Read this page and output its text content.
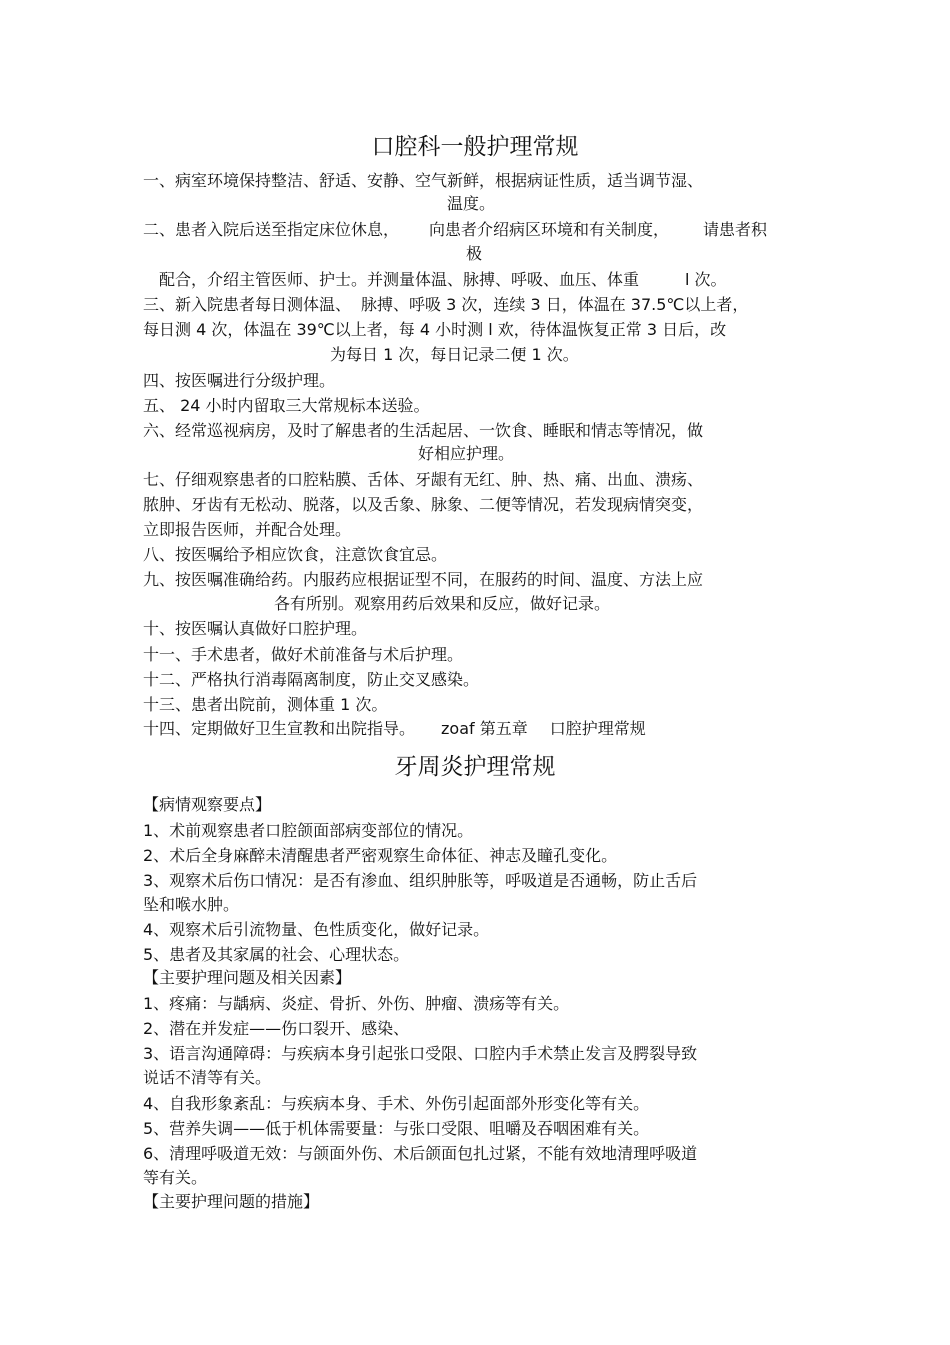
口腔科一般护理常规
一、病室环境保持整洁、舒适、安静、空气新鲜，根据病证性质，适当调节湿、
温度。
二、患者入院后送至指定床位休息， 向患者介绍病区环境和有关制度， 请患者积
极
配合，介绍主管医师、护士。并测量体温、脉搏、呼吸、血压、体重	l 次。
三、新入院患者每日测体温、 脉搏、呼吸 3 次，连续 3 日，体温在 37.5℃以上者，
每日测 4 次，体温在 39℃以上者，每 4 小时测 l 欢，待体温恢复正常 3 日后，改
为每日 1 次，每日记录二便 1 次。
四、按医嘱进行分级护理。
五、 24 小时内留取三大常规标本送验。
六、经常巡视病房，及时了解患者的生活起居、一饮食、睡眠和情志等情况，做
好相应护理。
七、仔细观察患者的口腔粘膜、舌体、牙龈有无红、肿、热、痛、出血、溃疡、
脓肿、牙齿有无松动、脱落，以及舌象、脉象、二便等情况，若发现病情突变，
立即报告医师，并配合处理。
八、按医嘱给予相应饮食，注意饮食宜忌。
九、按医嘱准确给药。内服药应根据证型不同，在服药的时间、温度、方法上应
各有所别。观察用药后效果和反应，做好记录。
十、按医嘱认真做好口腔护理。
十一、手术患者，做好术前准备与术后护理。
十二、严格执行消毒隔离制度，防止交叉感染。
十三、患者出院前，测体重 1 次。
十四、定期做好卫生宣教和出院指导。 zoaf 第五章 口腔护理常规
牙周炎护理常规
【病情观察要点】
1、术前观察患者口腔颌面部病变部位的情况。
2、术后全身麻醉未清醒患者严密观察生命体征、神志及瞳孔变化。
3、观察术后伤口情况：是否有渗血、组织肿胀等，呼吸道是否通畅，防止舌后
坠和喉水肿。
4、观察术后引流物量、色性质变化，做好记录。
5、患者及其家属的社会、心理状态。
【主要护理问题及相关因素】
1、疼痛：与龋病、炎症、骨折、外伤、肿瘤、溃疡等有关。
2、潜在并发症——伤口裂开、感染、
3、语言沟通障碍：与疾病本身引起张口受限、口腔内手术禁止发言及腭裂导致
说话不清等有关。
4、自我形象紊乱：与疾病本身、手术、外伤引起面部外形变化等有关。
5、营养失调——低于机体需要量：与张口受限、咀嚼及吞咽困难有关。
6、清理呼吸道无效：与颌面外伤、术后颌面包扎过紧，不能有效地清理呼吸道
等有关。
【主要护理问题的措施】
